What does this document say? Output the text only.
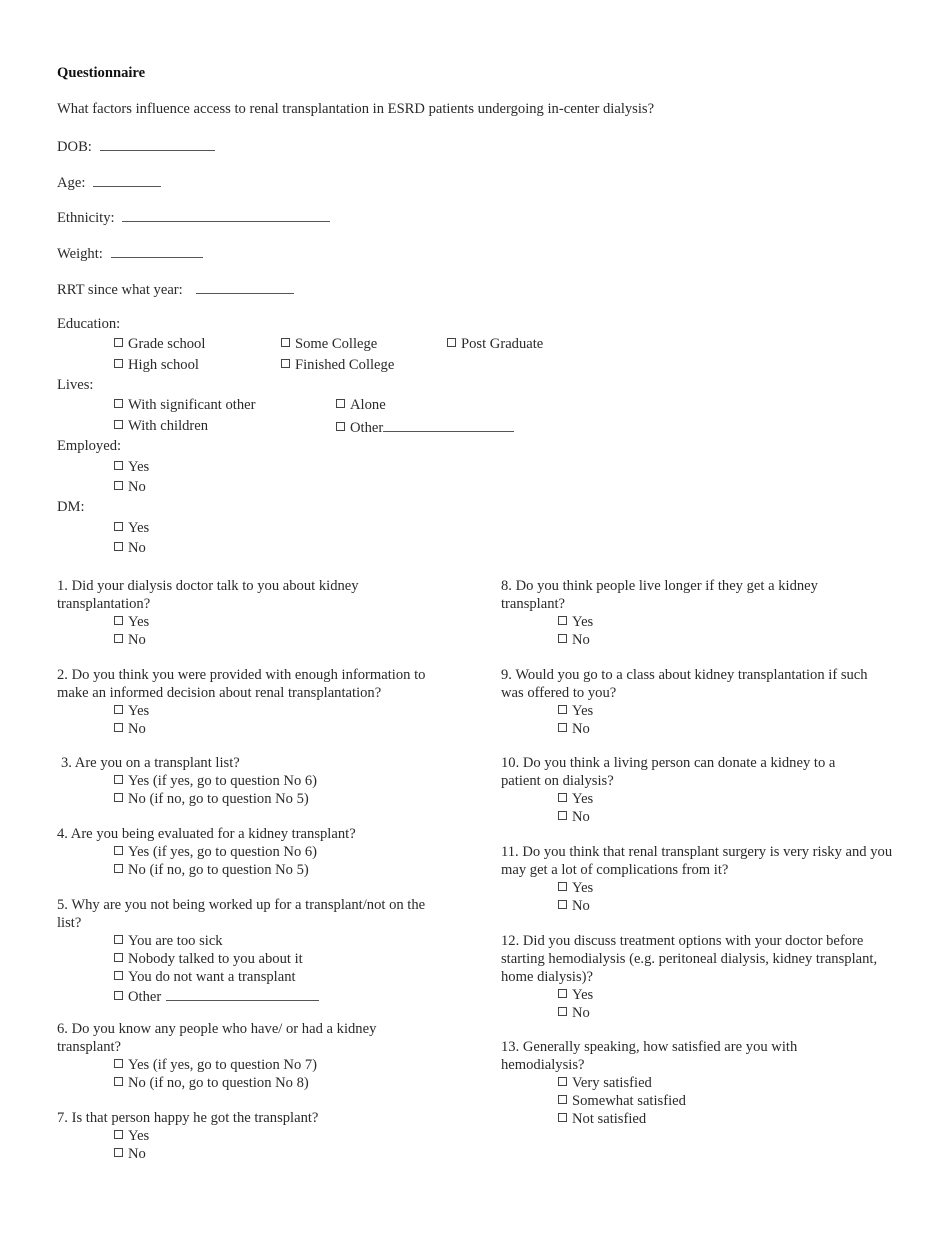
Questionnaire
What factors influence access to renal transplantation in ESRD patients undergoing in-center dialysis?
DOB:
Age:
Ethnicity:
Weight:
RRT since what year:
Education:
Grade school
High school
Some College
Finished College
Post Graduate
Lives:
With significant other
With children
Alone
Other
Employed:
Yes
No
DM:
Yes
No
1. Did your dialysis doctor talk to you about kidney transplantation?
Yes
No
2. Do you think you were provided with enough information to make an informed decision about renal transplantation?
Yes
No
3. Are you on a transplant list?
Yes (if yes, go to question No 6)
No (if no, go to question No 5)
4. Are you being evaluated for a kidney transplant?
Yes (if yes, go to question No 6)
No (if no, go to question No 5)
5. Why are you not being worked up for a transplant/not on the list?
You are too sick
Nobody talked to you about it
You do not want a transplant
Other
6. Do you know any people who have/ or had a kidney transplant?
Yes (if yes, go to question No 7)
No (if no, go to question No 8)
7. Is that person happy he got the transplant?
Yes
No
8. Do you think people live longer if they get a kidney transplant?
Yes
No
9. Would you go to a class about kidney transplantation if such was offered to you?
Yes
No
10. Do you think a living person can donate a kidney to a patient on dialysis?
Yes
No
11. Do you think that renal transplant surgery is very risky and you may get a lot of complications from it?
Yes
No
12. Did you discuss treatment options with your doctor before starting hemodialysis (e.g. peritoneal dialysis, kidney transplant, home dialysis)?
Yes
No
13. Generally speaking, how satisfied are you with hemodialysis?
Very satisfied
Somewhat satisfied
Not satisfied
